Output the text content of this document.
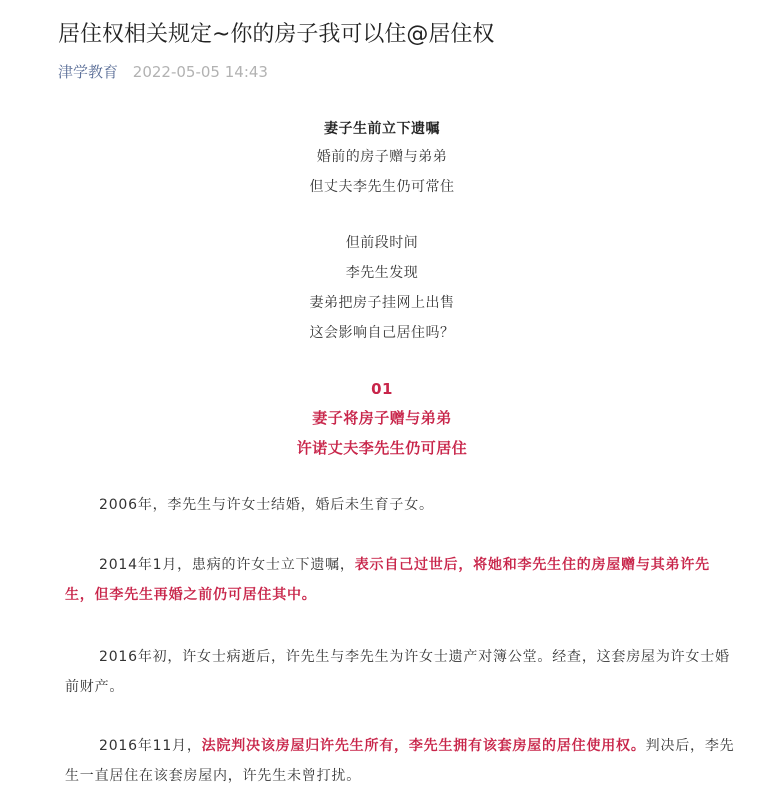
居住权相关规定~你的房子我可以住@居住权
津学教育 2022-05-05 14:43
妻子生前立下遗嘱
婚前的房子赠与弟弟
但丈夫李先生仍可常住
但前段时间
李先生发现
妻弟把房子挂网上出售
这会影响自己居住吗？
01
妻子将房子赠与弟弟
许诺丈夫李先生仍可居住
2006年，李先生与许女士结婚，婚后未生育子女。
2014年1月，患病的许女士立下遗嘱，表示自己过世后，将她和李先生住的房屋赠与其弟许先生，但李先生再婚之前仍可居住其中。
2016年初，许女士病逝后，许先生与李先生为许女士遗产对簿公堂。经查，这套房屋为许女士婚前财产。
2016年11月，法院判决该房屋归许先生所有，李先生拥有该套房屋的居住使用权。判决后，李先生一直居住在该套房屋内，许先生未曾打扰。
